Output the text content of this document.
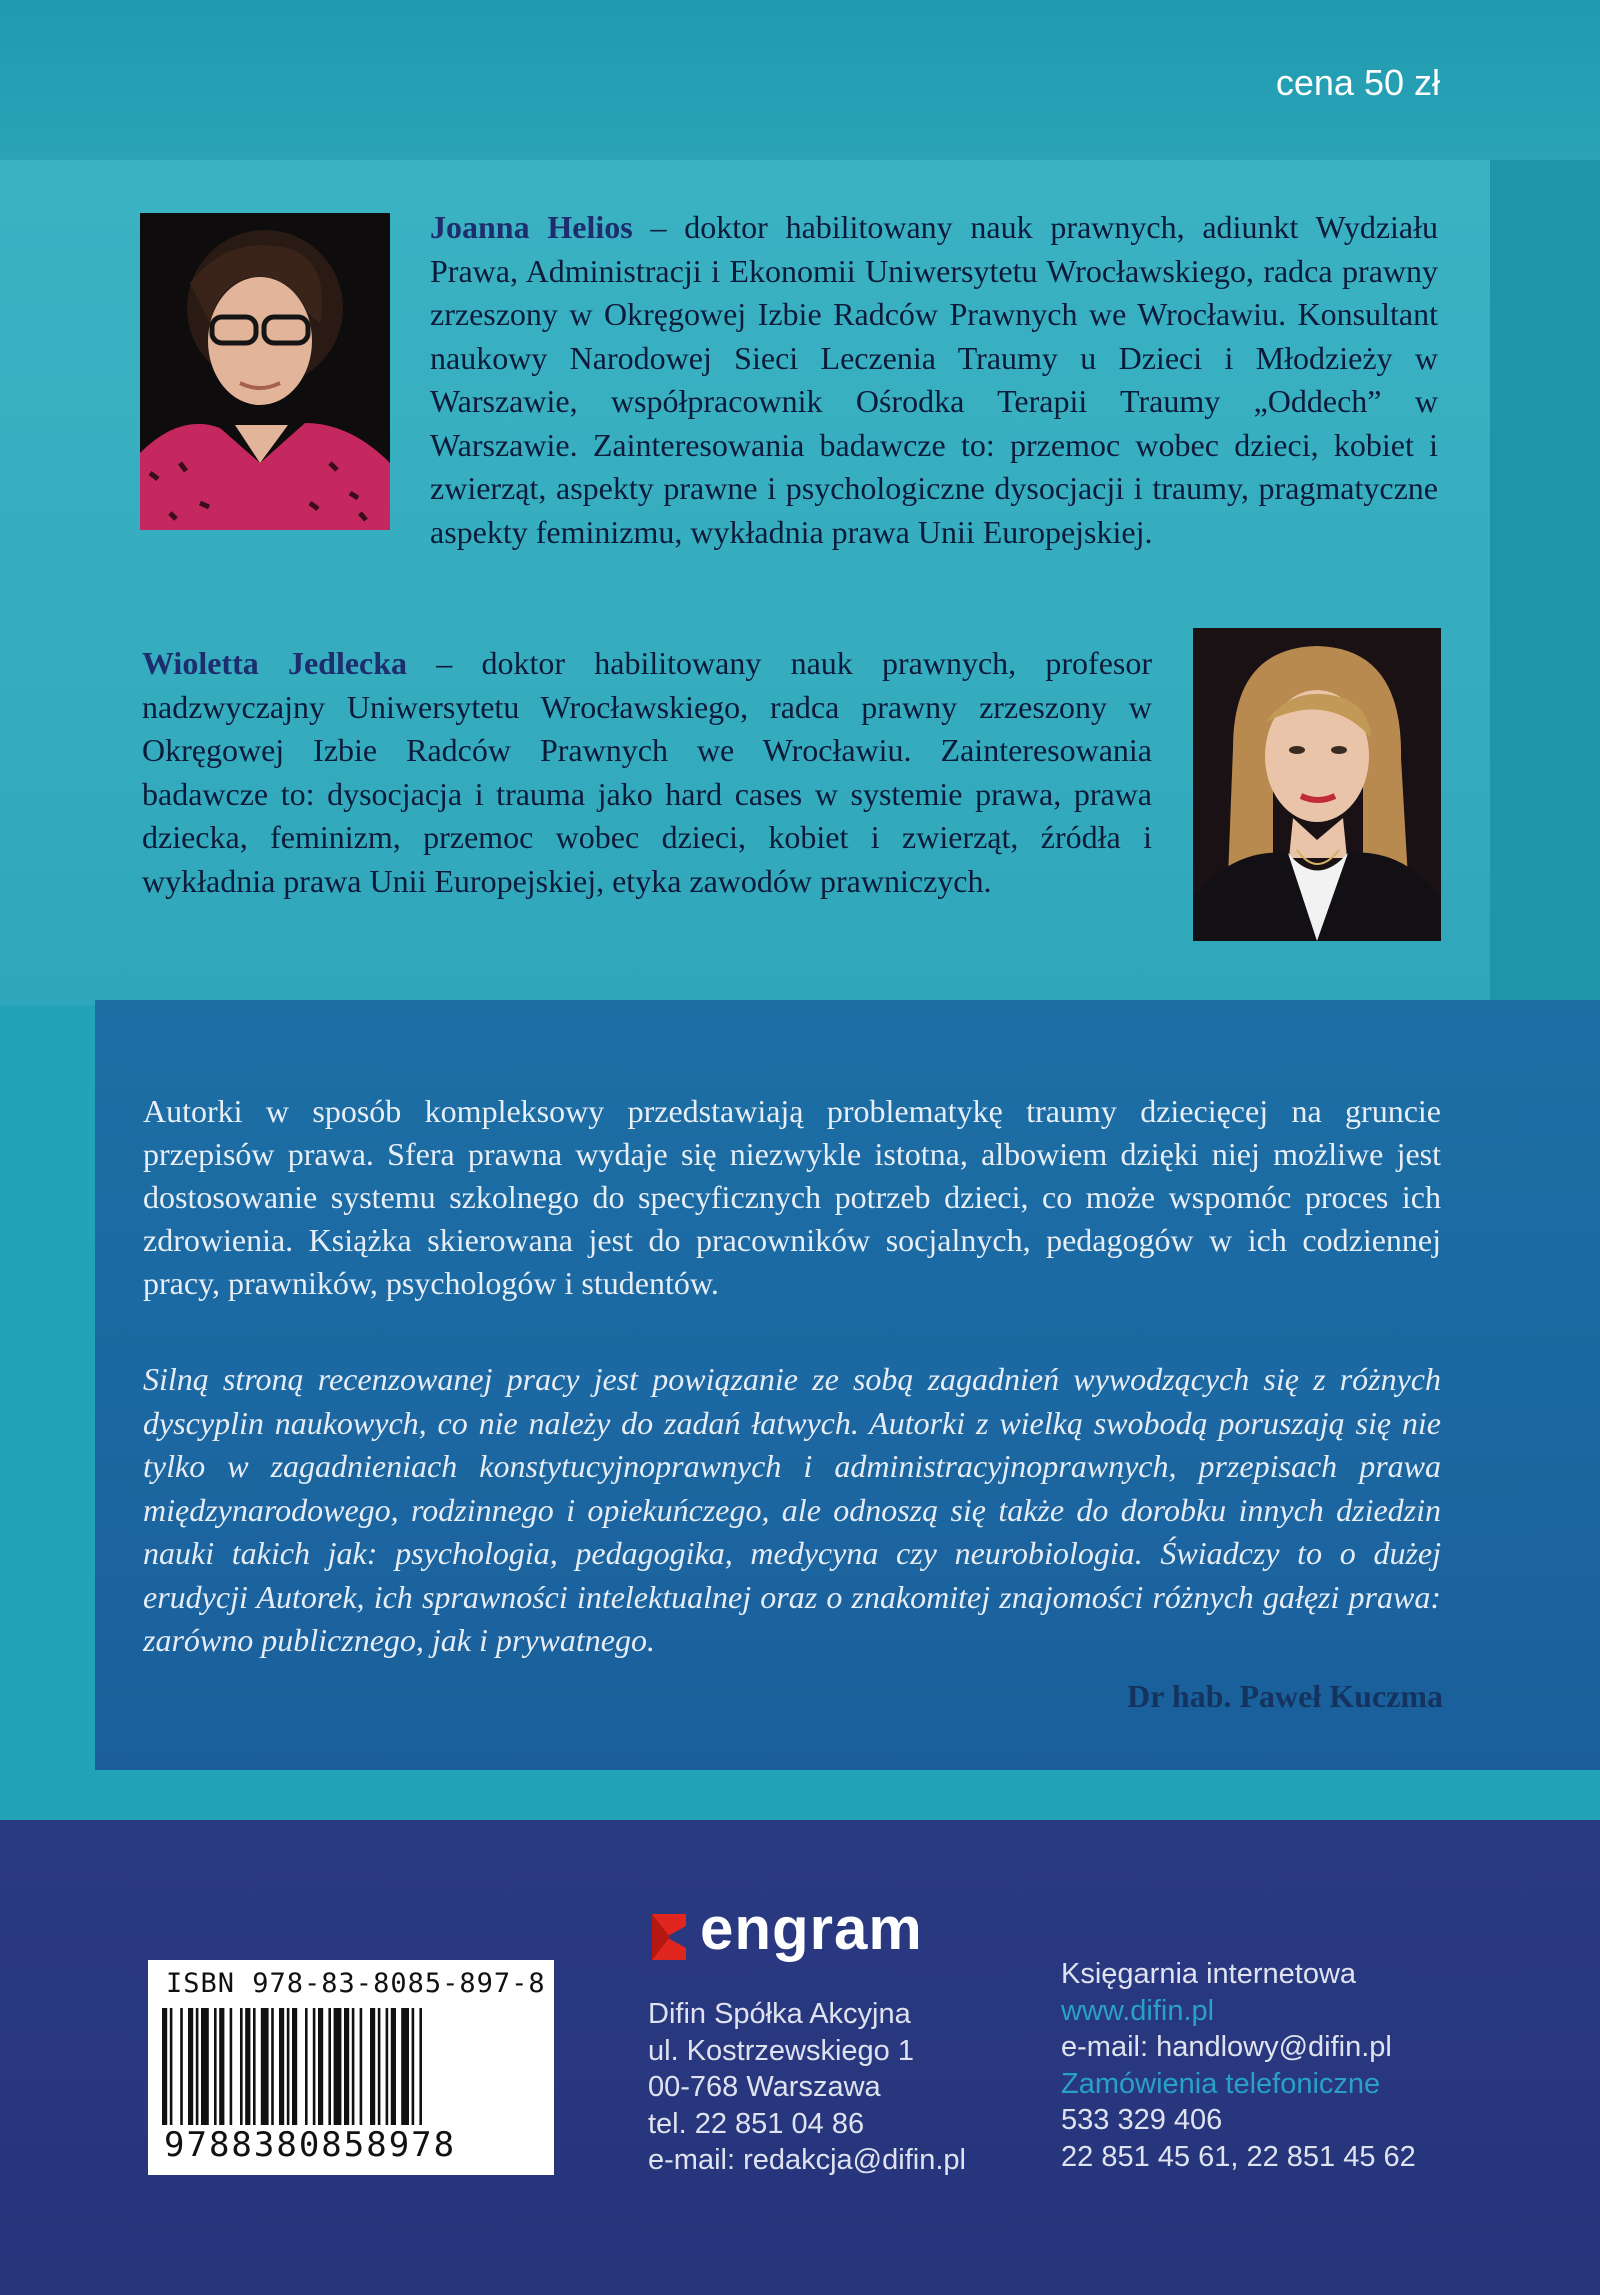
cena 50 zł
Joanna Helios – doktor habilitowany nauk prawnych, adiunkt Wydziału Prawa, Administracji i Ekonomii Uniwersytetu Wrocławskiego, radca prawny zrzeszony w Okręgowej Izbie Radców Prawnych we Wrocławiu. Konsultant naukowy Narodowej Sieci Leczenia Traumy u Dzieci i Młodzieży w Warszawie, współpracownik Ośrodka Terapii Traumy „Oddech” w Warszawie. Zainteresowania badawcze to: przemoc wobec dzieci, kobiet i zwierząt, aspekty prawne i psychologiczne dysocjacji i traumy, pragmatyczne aspekty feminizmu, wykładnia prawa Unii Europejskiej.
Wioletta Jedlecka – doktor habilitowany nauk prawnych, profesor nadzwyczajny Uniwersytetu Wrocławskiego, radca prawny zrzeszony w Okręgowej Izbie Radców Prawnych we Wrocławiu. Zainteresowania badawcze to: dysocjacja i trauma jako hard cases w systemie prawa, prawa dziecka, feminizm, przemoc wobec dzieci, kobiet i zwierząt, źródła i wykładnia prawa Unii Europejskiej, etyka zawodów prawniczych.
Autorki w sposób kompleksowy przedstawiają problematykę traumy dziecięcej na gruncie przepisów prawa. Sfera prawna wydaje się niezwykle istotna, albowiem dzięki niej możliwe jest dostosowanie systemu szkolnego do specyficznych potrzeb dzieci, co może wspomóc proces ich zdrowienia. Książka skierowana jest do pracowników socjalnych, pedagogów w ich codziennej pracy, prawników, psychologów i studentów.
Silną stroną recenzowanej pracy jest powiązanie ze sobą zagadnień wywodzących się z różnych dyscyplin naukowych, co nie należy do zadań łatwych. Autorki z wielką swobodą poruszają się nie tylko w zagadnieniach konstytucyjnoprawnych i administracyjnoprawnych, przepisach prawa międzynarodowego, rodzinnego i opiekuńczego, ale odnoszą się także do dorobku innych dziedzin nauki takich jak: psychologia, pedagogika, medycyna czy neurobiologia. Świadczy to o dużej erudycji Autorek, ich sprawności intelektualnej oraz o znakomitej znajomości różnych gałęzi prawa: zarówno publicznego, jak i prywatnego.
Dr hab. Paweł Kuczma
ISBN 978-83-8085-897-8
9788380858978
engram
Difin Spółka Akcyjna
ul. Kostrzewskiego 1
00-768 Warszawa
tel. 22 851 04 86
e-mail: redakcja@difin.pl
Księgarnia internetowa
www.difin.pl
e-mail: handlowy@difin.pl
Zamówienia telefoniczne
533 329 406
22 851 45 61, 22 851 45 62
